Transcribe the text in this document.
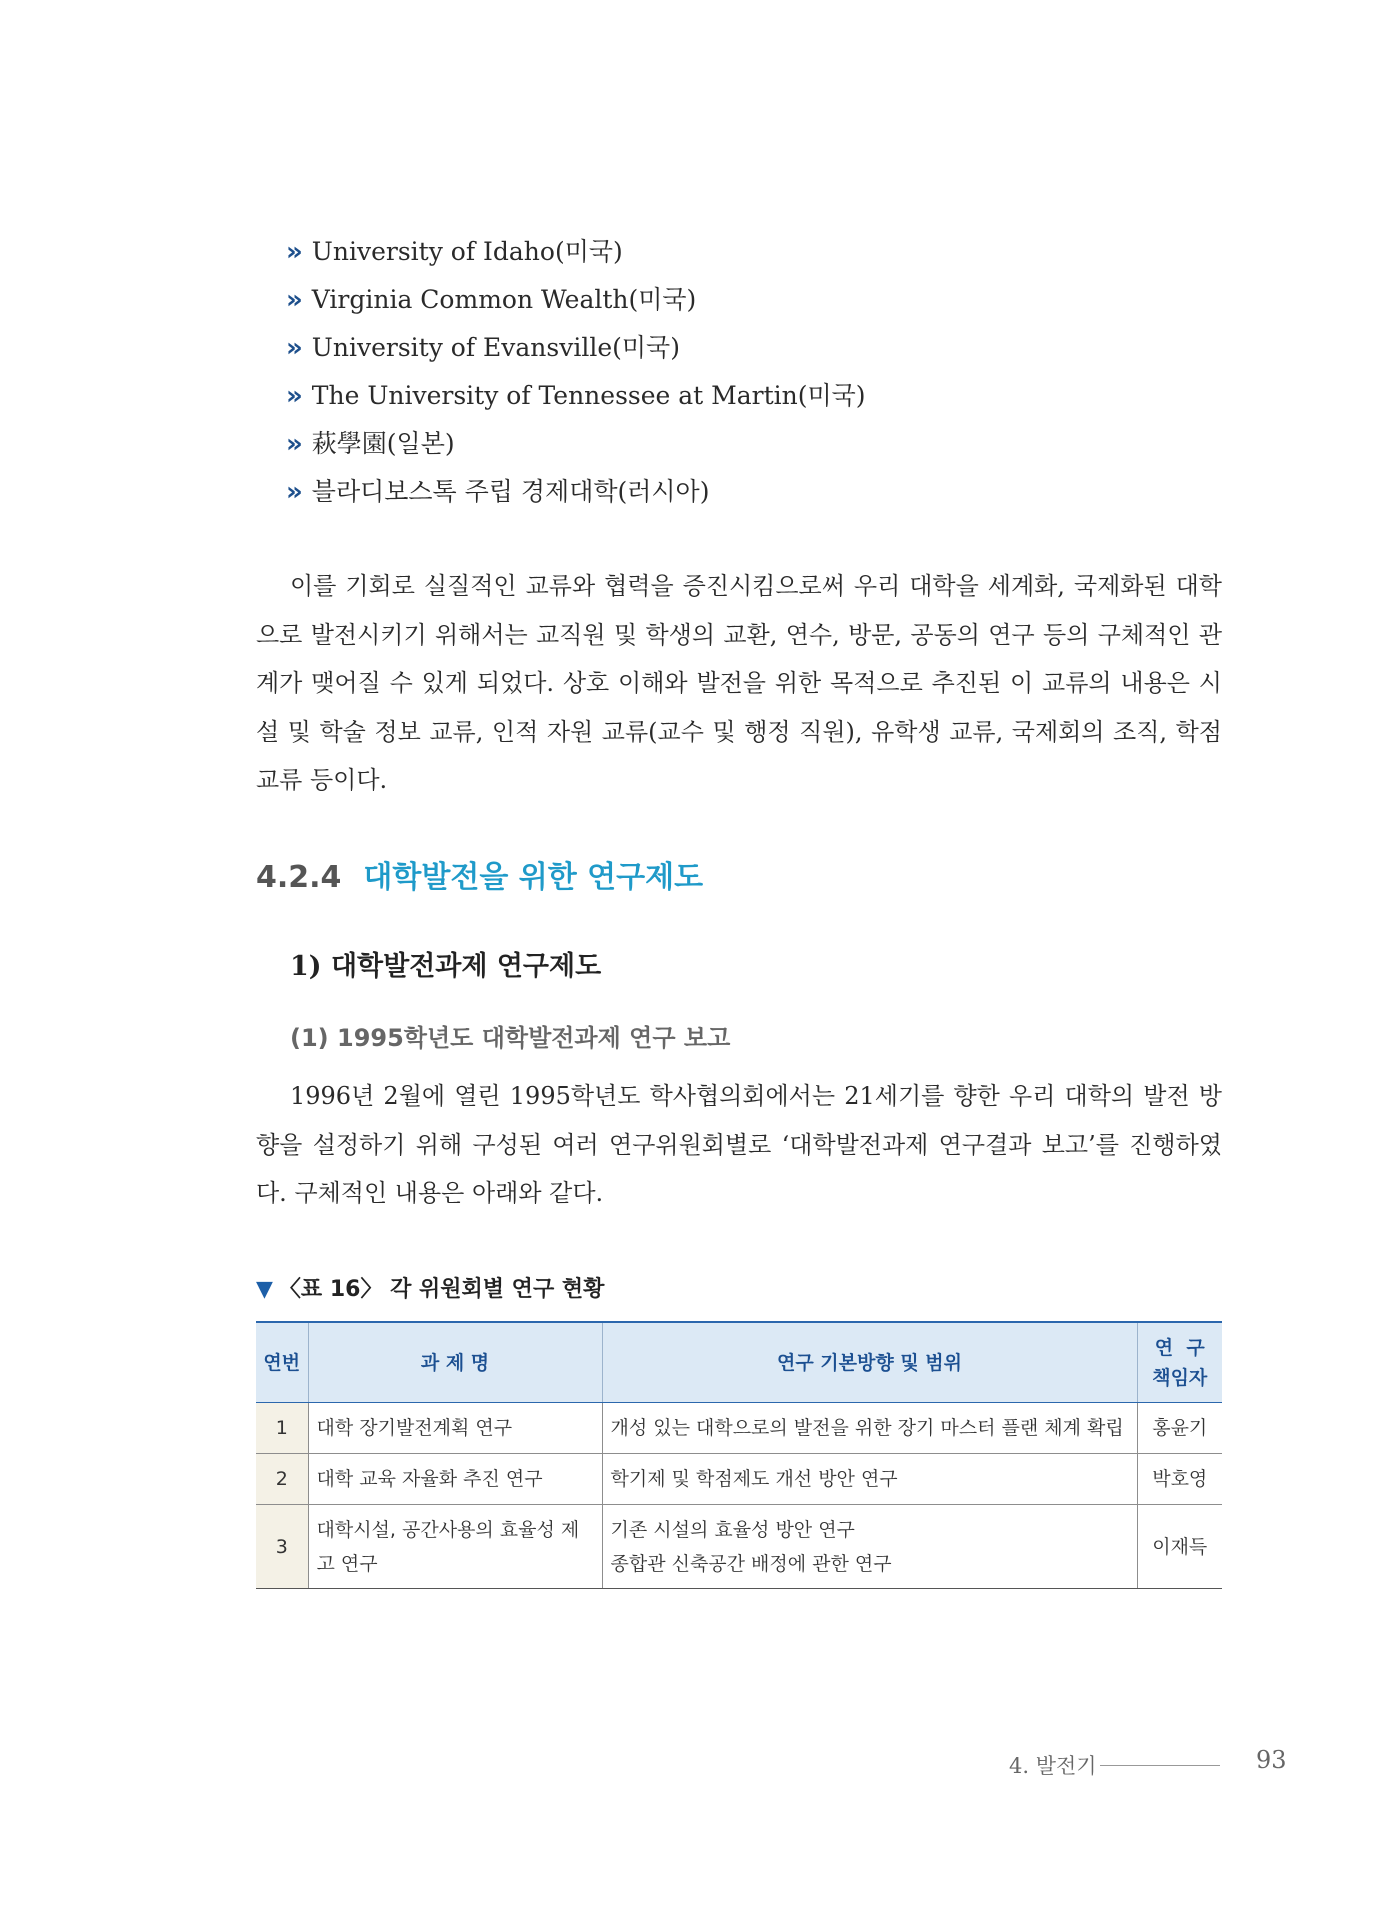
» University of Idaho(미국)
» Virginia Common Wealth(미국)
» University of Evansville(미국)
» The University of Tennessee at Martin(미국)
» 萩學園(일본)
» 블라디보스톡 주립 경제대학(러시아)

이를 기회로 실질적인 교류와 협력을 증진시킴으로써 우리 대학을 세계화, 국제화된 대학으로 발전시키기 위해서는 교직원 및 학생의 교환, 연수, 방문, 공동의 연구 등의 구체적인 관계가 맺어질 수 있게 되었다. 상호 이해와 발전을 위한 목적으로 추진된 이 교류의 내용은 시설 및 학술 정보 교류, 인적 자원 교류(교수 및 행정 직원), 유학생 교류, 국제회의 조직, 학점 교류 등이다.

4.2.4 대학발전을 위한 연구제도
1) 대학발전과제 연구제도
(1) 1995학년도 대학발전과제 연구 보고

1996년 2월에 열린 1995학년도 학사협의회에서는 21세기를 향한 우리 대학의 발전 방향을 설정하기 위해 구성된 여러 연구위원회별로 ‘대학발전과제 연구결과 보고’를 진행하였다. 구체적인 내용은 아래와 같다.

▼ 〈표 16〉 각 위원회별 연구 현황
연번	과 제 명	연구 기본방향 및 범위	연  구
책임자
1	대학 장기발전계획 연구	개성 있는 대학으로의 발전을 위한 장기 마스터 플랜 체계 확립	홍윤기
2	대학 교육 자율화 추진 연구	학기제 및 학점제도 개선 방안 연구	박호영
3	대학시설, 공간사용의 효율성 제고 연구	기존 시설의 효율성 방안 연구
종합관 신축공간 배정에 관한 연구	이재득
4. 발전기	93
